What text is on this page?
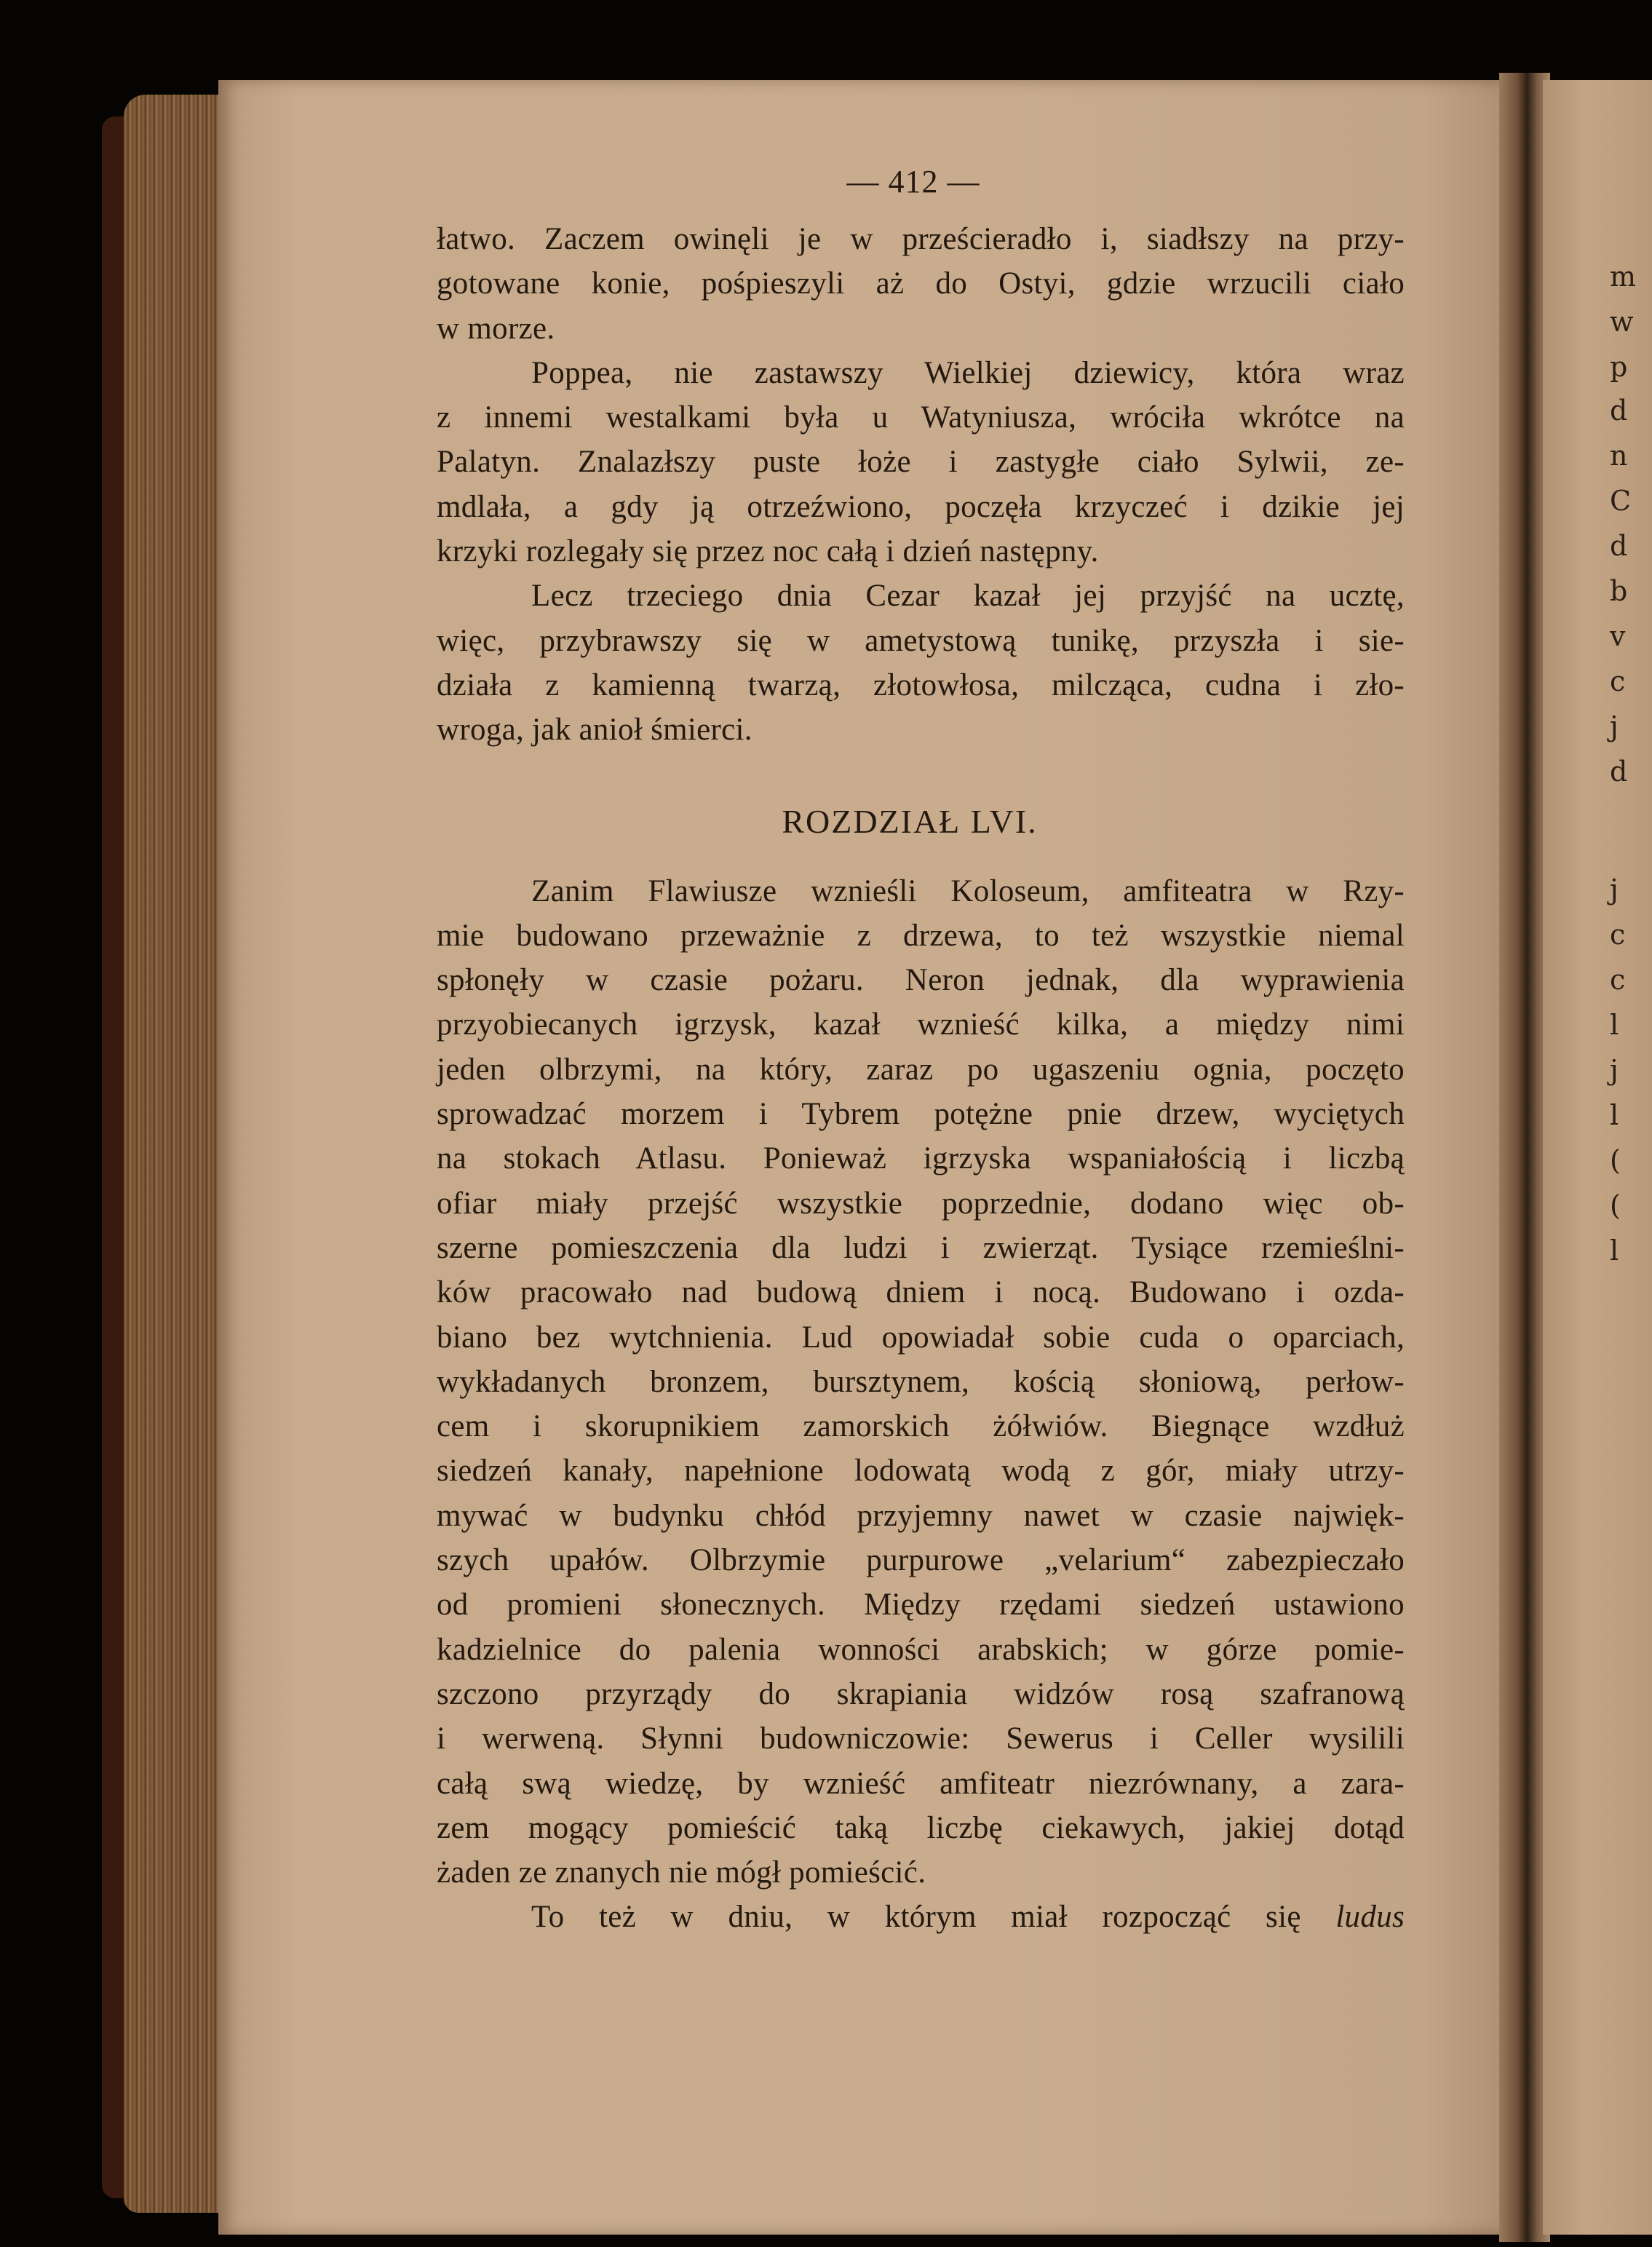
m
w
p
d
n
C
d
b
v
c
j
d
j
c
c
l
j
l
(
(
l
— 412 —
łatwo. Zaczem owinęli je w prześcieradło i, siadłszy na przy-
gotowane konie, pośpieszyli aż do Ostyi, gdzie wrzucili ciało
w morze.
Poppea, nie zastawszy Wielkiej dziewicy, która wraz
z innemi westalkami była u Watyniusza, wróciła wkrótce na
Palatyn. Znalazłszy puste łoże i zastygłe ciało Sylwii, ze-
mdlała, a gdy ją otrzeźwiono, poczęła krzyczeć i dzikie jej
krzyki rozlegały się przez noc całą i dzień następny.
Lecz trzeciego dnia Cezar kazał jej przyjść na ucztę,
więc, przybrawszy się w ametystową tunikę, przyszła i sie-
działa z kamienną twarzą, złotowłosa, milcząca, cudna i zło-
wroga, jak anioł śmierci.
ROZDZIAŁ LVI.
Zanim Flawiusze wznieśli Koloseum, amfiteatra w Rzy-
mie budowano przeważnie z drzewa, to też wszystkie niemal
spłonęły w czasie pożaru. Neron jednak, dla wyprawienia
przyobiecanych igrzysk, kazał wznieść kilka, a między nimi
jeden olbrzymi, na który, zaraz po ugaszeniu ognia, poczęto
sprowadzać morzem i Tybrem potężne pnie drzew, wyciętych
na stokach Atlasu. Ponieważ igrzyska wspaniałością i liczbą
ofiar miały przejść wszystkie poprzednie, dodano więc ob-
szerne pomieszczenia dla ludzi i zwierząt. Tysiące rzemieślni-
ków pracowało nad budową dniem i nocą. Budowano i ozda-
biano bez wytchnienia. Lud opowiadał sobie cuda o oparciach,
wykładanych bronzem, bursztynem, kością słoniową, perłow-
cem i skorupnikiem zamorskich żółwiów. Biegnące wzdłuż
siedzeń kanały, napełnione lodowatą wodą z gór, miały utrzy-
mywać w budynku chłód przyjemny nawet w czasie najwięk-
szych upałów. Olbrzymie purpurowe „velarium“ zabezpieczało
od promieni słonecznych. Między rzędami siedzeń ustawiono
kadzielnice do palenia wonności arabskich; w górze pomie-
szczono przyrządy do skrapiania widzów rosą szafranową
i werweną. Słynni budowniczowie: Sewerus i Celler wysilili
całą swą wiedzę, by wznieść amfiteatr niezrównany, a zara-
zem mogący pomieścić taką liczbę ciekawych, jakiej dotąd
żaden ze znanych nie mógł pomieścić.
To też w dniu, w którym miał rozpocząć się ludus
